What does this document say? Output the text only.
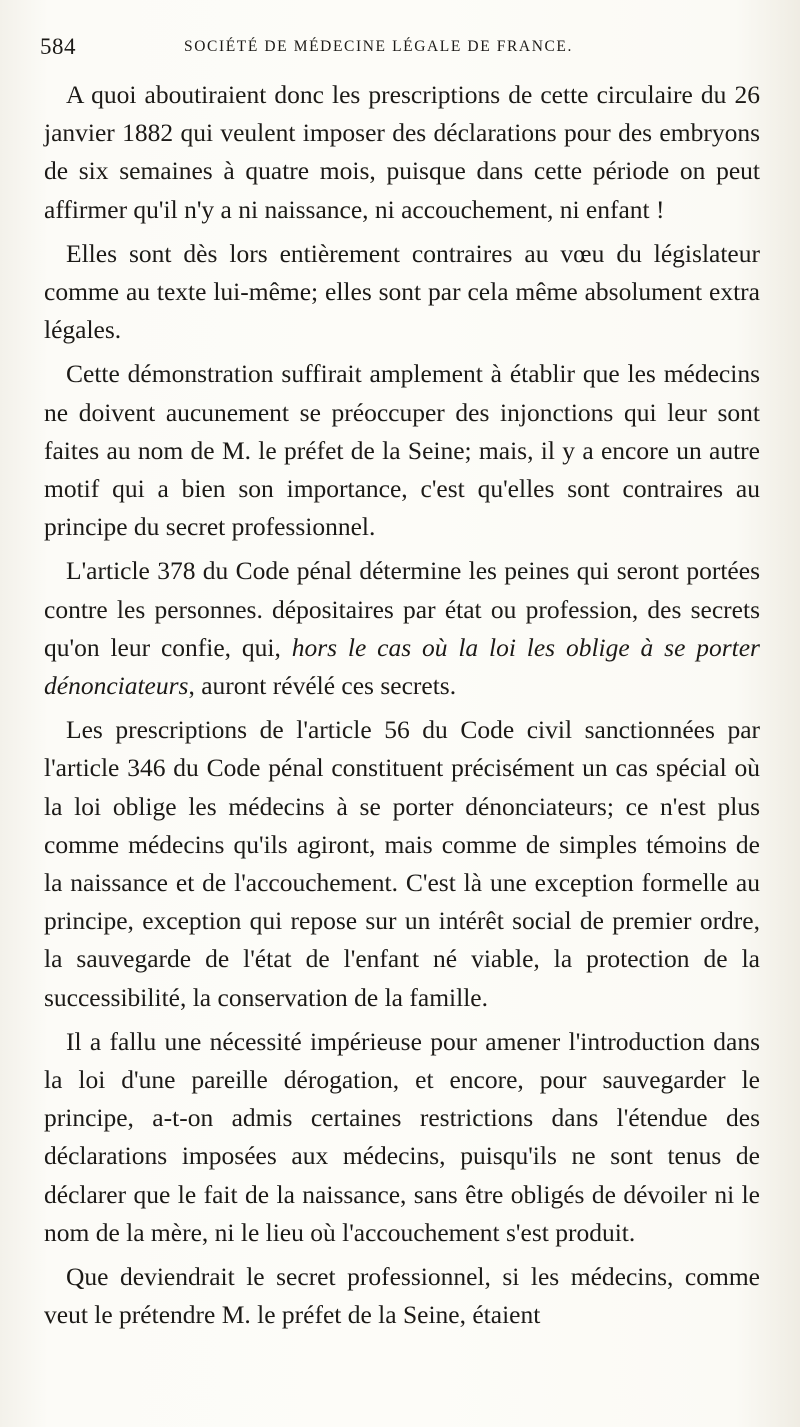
584	SOCIÉTÉ DE MÉDECINE LÉGALE DE FRANCE.

A quoi aboutiraient donc les prescriptions de cette circulaire du 26 janvier 1882 qui veulent imposer des déclarations pour des embryons de six semaines à quatre mois, puisque dans cette période on peut affirmer qu'il n'y a ni naissance, ni accouchement, ni enfant !

Elles sont dès lors entièrement contraires au vœu du législateur comme au texte lui-même; elles sont par cela même absolument extra légales.

Cette démonstration suffirait amplement à établir que les médecins ne doivent aucunement se préoccuper des injonctions qui leur sont faites au nom de M. le préfet de la Seine; mais, il y a encore un autre motif qui a bien son importance, c'est qu'elles sont contraires au principe du secret professionnel.

L'article 378 du Code pénal détermine les peines qui seront portées contre les personnes. dépositaires par état ou profession, des secrets qu'on leur confie, qui, hors le cas où la loi les oblige à se porter dénonciateurs, auront révélé ces secrets.

Les prescriptions de l'article 56 du Code civil sanctionnées par l'article 346 du Code pénal constituent précisément un cas spécial où la loi oblige les médecins à se porter dénonciateurs; ce n'est plus comme médecins qu'ils agiront, mais comme de simples témoins de la naissance et de l'accouchement. C'est là une exception formelle au principe, exception qui repose sur un intérêt social de premier ordre, la sauvegarde de l'état de l'enfant né viable, la protection de la successibilité, la conservation de la famille.

Il a fallu une nécessité impérieuse pour amener l'introduction dans la loi d'une pareille dérogation, et encore, pour sauvegarder le principe, a-t-on admis certaines restrictions dans l'étendue des déclarations imposées aux médecins, puisqu'ils ne sont tenus de déclarer que le fait de la naissance, sans être obligés de dévoiler ni le nom de la mère, ni le lieu où l'accouchement s'est produit.

Que deviendrait le secret professionnel, si les médecins, comme veut le prétendre M. le préfet de la Seine, étaient
